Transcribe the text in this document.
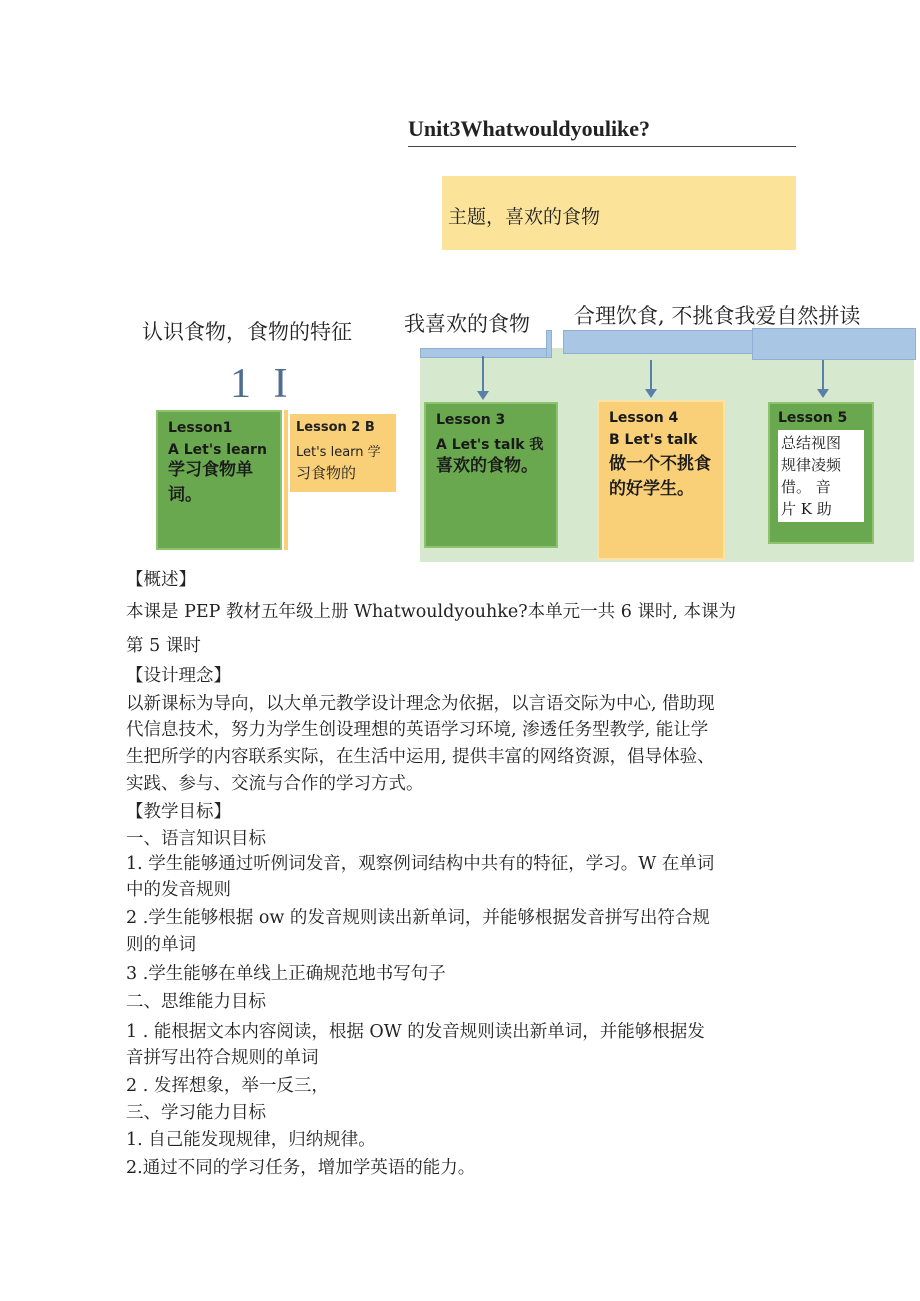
Unit3Whatwouldyoulike?
主题，喜欢的食物
认识食物，食物的特征 我喜欢的食物 合理饮食, 不挑食我爱自然拼读
1 I
Lesson1
A Let's learn
学习食物单词。
Lesson 2 B
Let's learn 学
习食物的
Lesson 3
A Let's talk 我
喜欢的食物。
Lesson 4
B Let's talk
做一个不挑食的好学生。
Lesson 5
总结视图
规律凌频
借。 音
片 K 助
【概述】
本课是 PEP 教材五年级上册 Whatwouldyouhke?本单元一共 6 课时, 本课为
第 5 课时
【设计理念】
以新课标为导向，以大单元教学设计理念为依据，以言语交际为中心, 借助现
代信息技术，努力为学生创设理想的英语学习环境, 渗透任务型教学, 能让学
生把所学的内容联系实际，在生活中运用, 提供丰富的网络资源，倡导体验、
实践、参与、交流与合作的学习方式。
【教学目标】
一、语言知识目标
1. 学生能够通过听例词发音，观察例词结构中共有的特征，学习。W 在单词
中的发音规则
2 .学生能够根据 ow 的发音规则读出新单词，并能够根据发音拼写出符合规
则的单词
3 .学生能够在单线上正确规范地书写句子
二、思维能力目标
1 . 能根据文本内容阅读，根据 OW 的发音规则读出新单词，并能够根据发
音拼写出符合规则的单词
2 . 发挥想象，举一反三，
三、学习能力目标
1. 自己能发现规律，归纳规律。
2.通过不同的学习任务，增加学英语的能力。
